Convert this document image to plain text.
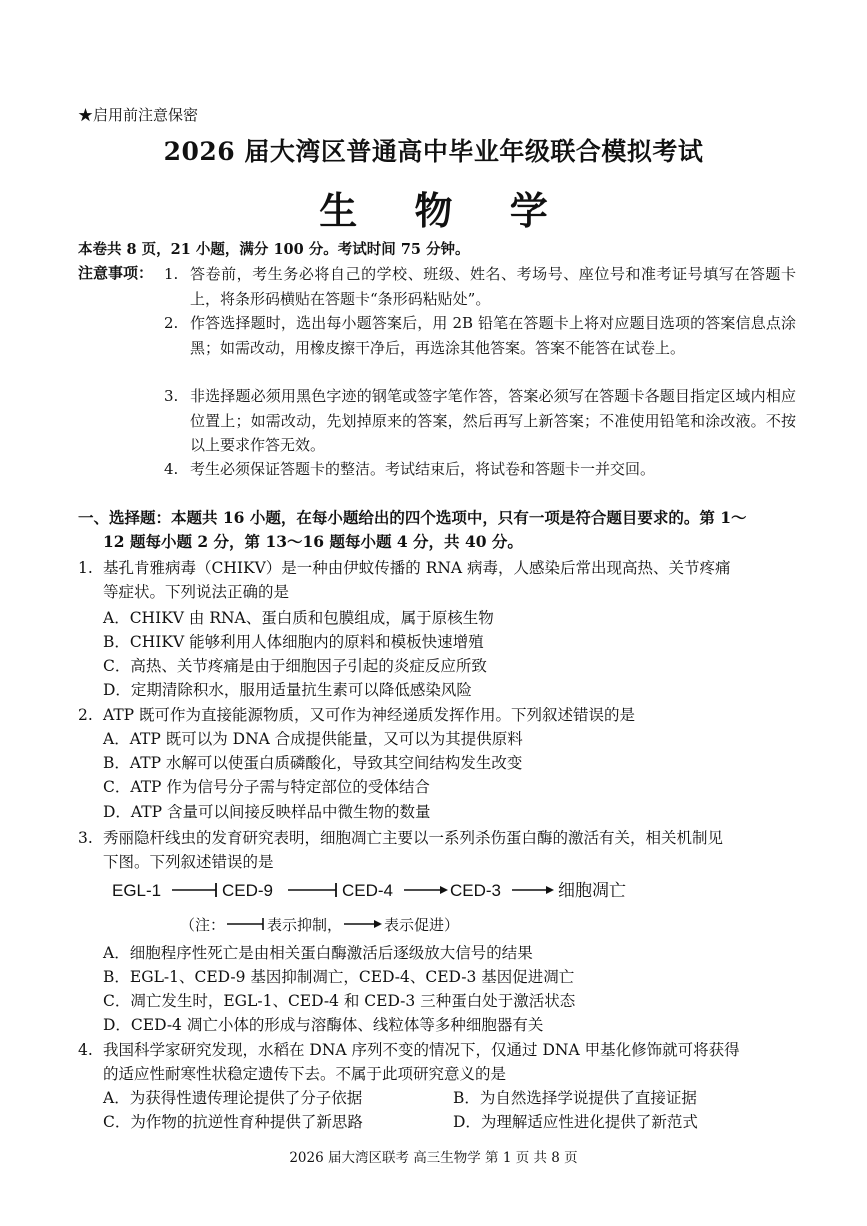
★启用前注意保密
2026 届大湾区普通高中毕业年级联合模拟考试
生 物 学
本卷共 8 页，21 小题，满分 100 分。考试时间 75 分钟。
注意事项： 1. 答卷前，考生务必将自己的学校、班级、姓名、考场号、座位号和准考证号填写在答题卡上，将条形码横贴在答题卡“条形码粘贴处”。
2. 作答选择题时，选出每小题答案后，用 2B 铅笔在答题卡上将对应题目选项的答案信息点涂黑；如需改动，用橡皮擦干净后，再选涂其他答案。答案不能答在试卷上。
3. 非选择题必须用黑色字迹的钢笔或签字笔作答，答案必须写在答题卡各题目指定区域内相应位置上；如需改动，先划掉原来的答案，然后再写上新答案；不准使用铅笔和涂改液。不按以上要求作答无效。
4. 考生必须保证答题卡的整洁。考试结束后，将试卷和答题卡一并交回。
一、选择题：本题共 16 小题，在每小题给出的四个选项中，只有一项是符合题目要求的。第 1～
12 题每小题 2 分，第 13～16 题每小题 4 分，共 40 分。
1. 基孔肯雅病毒（CHIKV）是一种由伊蚊传播的 RNA 病毒，人感染后常出现高热、关节疼痛
等症状。下列说法正确的是
A．CHIKV 由 RNA、蛋白质和包膜组成，属于原核生物
B．CHIKV 能够利用人体细胞内的原料和模板快速增殖
C．高热、关节疼痛是由于细胞因子引起的炎症反应所致
D．定期清除积水，服用适量抗生素可以降低感染风险
2. ATP 既可作为直接能源物质，又可作为神经递质发挥作用。下列叙述错误的是
A．ATP 既可以为 DNA 合成提供能量，又可以为其提供原料
B．ATP 水解可以使蛋白质磷酸化，导致其空间结构发生改变
C．ATP 作为信号分子需与特定部位的受体结合
D．ATP 含量可以间接反映样品中微生物的数量
3. 秀丽隐杆线虫的发育研究表明，细胞凋亡主要以一系列杀伤蛋白酶的激活有关，相关机制见
下图。下列叙述错误的是
EGL-1	CED-9	CED-4	CED-3	细胞凋亡
（注：	表示抑制，	表示促进）
A．细胞程序性死亡是由相关蛋白酶激活后逐级放大信号的结果
B．EGL-1、CED-9 基因抑制凋亡，CED-4、CED-3 基因促进凋亡
C．凋亡发生时，EGL-1、CED-4 和 CED-3 三种蛋白处于激活状态
D．CED-4 凋亡小体的形成与溶酶体、线粒体等多种细胞器有关
4. 我国科学家研究发现，水稻在 DNA 序列不变的情况下，仅通过 DNA 甲基化修饰就可将获得
的适应性耐寒性状稳定遗传下去。不属于此项研究意义的是
A．为获得性遗传理论提供了分子依据	B．为自然选择学说提供了直接证据
C．为作物的抗逆性育种提供了新思路	D．为理解适应性进化提供了新范式
2026 届大湾区联考 高三生物学 第 1 页 共 8 页
